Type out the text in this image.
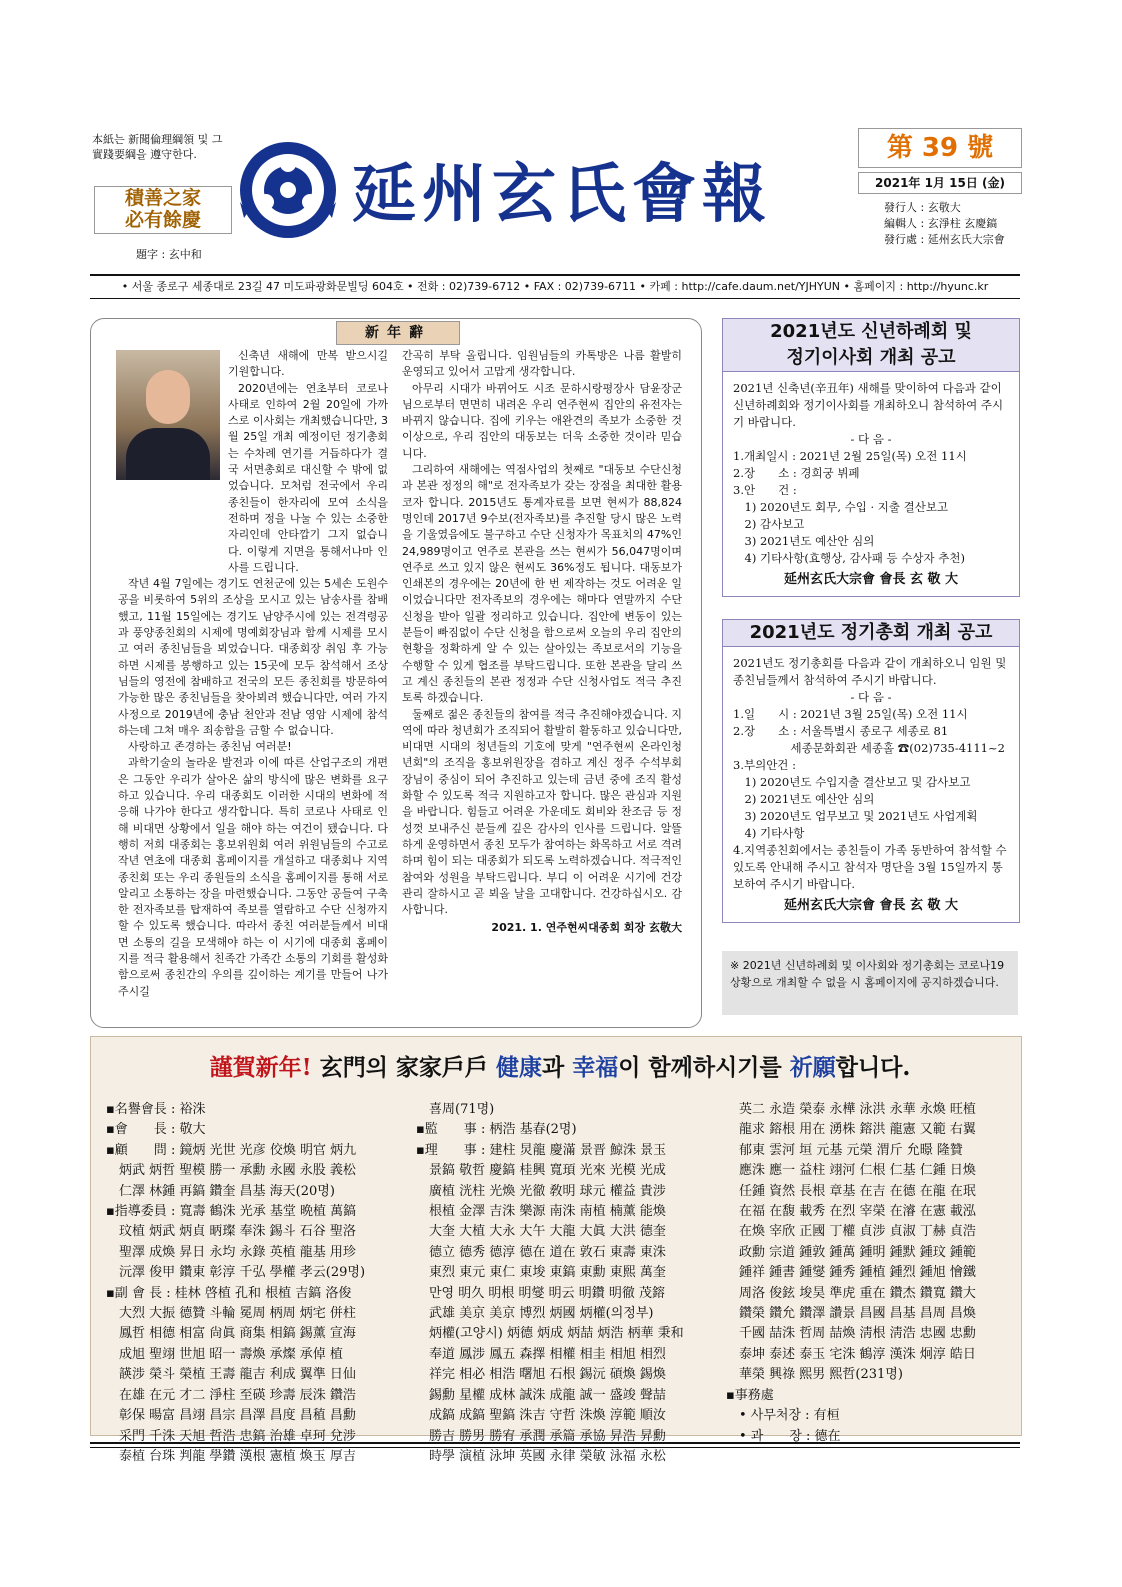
本紙는 新聞倫理綱領 및 그 實踐要綱을 遵守한다.
積善之家
必有餘慶
題字 : 玄中和
延州玄氏會報
第 39 號
2021年 1月 15日 (金)
發行人 : 玄敬大
編輯人 : 玄淨柱 玄慶鎬
發行處 : 延州玄氏大宗會
• 서울 종로구 세종대로 23길 47 미도파광화문빌딩 604호 • 전화 : 02)739-6712 • FAX : 02)739-6711 • 카페 : http://cafe.daum.net/YJHYUN • 홈페이지 : http://hyunc.kr
新年辭

신축년 새해에 만복 받으시길 기원합니다.

2020년에는 연초부터 코로나 사태로 인하여 2월 20일에 가까스로 이사회는 개최했습니다만, 3월 25일 개최 예정이던 정기총회는 수차례 연기를 거듭하다가 결국 서면총회로 대신할 수 밖에 없었습니다. 모처럼 전국에서 우리 종친들이 한자리에 모여 소식을 전하며 정을 나눌 수 있는 소중한 자리인데 안타깝기 그지 없습니다. 이렇게 지면을 통해서나마 인사를 드립니다.

작년 4월 7일에는 경기도 연천군에 있는 5세손 도원수공을 비롯하여 5위의 조상을 모시고 있는 남송사를 참배했고, 11월 15일에는 경기도 남양주시에 있는 전격령공과 풍양종친회의 시제에 명예회장님과 함께 시제를 모시고 여러 종친님들을 뵈었습니다. 대종회장 취임 후 가능하면 시제를 봉행하고 있는 15곳에 모두 참석해서 조상님들의 영전에 참배하고 전국의 모든 종친회를 방문하여 가능한 많은 종친님들을 찾아뵈려 했습니다만, 여러 가지 사정으로 2019년에 충남 천안과 전남 영암 시제에 참석하는데 그쳐 매우 죄송함을 금할 수 없습니다.

사랑하고 존경하는 종친님 여러분!

과학기술의 놀라운 발전과 이에 따른 산업구조의 개편은 그동안 우리가 살아온 삶의 방식에 많은 변화를 요구하고 있습니다. 우리 대종회도 이러한 시대의 변화에 적응해 나가야 한다고 생각합니다. 특히 코로나 사태로 인해 비대면 상황에서 일을 해야 하는 여건이 됐습니다. 다행히 저희 대종회는 홍보위원회 여러 위원님들의 수고로 작년 연초에 대종회 홈페이지를 개설하고 대종회나 지역종친회 또는 우리 종원들의 소식을 홈페이지를 통해 서로 알리고 소통하는 장을 마련했습니다. 그동안 공들여 구축한 전자족보를 탑재하여 족보를 열람하고 수단 신청까지 할 수 있도록 했습니다. 따라서 종친 여러분들께서 비대면 소통의 길을 모색해야 하는 이 시기에 대종회 홈페이지를 적극 활용해서 친족간 가족간 소통의 기회를 활성화함으로써 종친간의 우의를 깊이하는 계기를 만들어 나가 주시길

간곡히 부탁 올립니다. 임원님들의 카톡방은 나름 활발히 운영되고 있어서 고맙게 생각합니다.

아무리 시대가 바뀌어도 시조 문하시랑평장사 담윤장군님으로부터 면면히 내려온 우리 연주현씨 집안의 유전자는 바뀌지 않습니다. 집에 키우는 애완견의 족보가 소중한 것 이상으로, 우리 집안의 대동보는 더욱 소중한 것이라 믿습니다.

그리하여 새해에는 역점사업의 첫째로 "대동보 수단신청과 본관 정정의 해"로 전자족보가 갖는 장점을 최대한 활용코자 합니다. 2015년도 통계자료를 보면 현씨가 88,824명인데 2017년 9수보(전자족보)를 추진할 당시 많은 노력을 기울였음에도 불구하고 수단 신청자가 목표치의 47%인 24,989명이고 연주로 본관을 쓰는 현씨가 56,047명이며 연주로 쓰고 있지 않은 현씨도 36%정도 됩니다. 대동보가 인쇄본의 경우에는 20년에 한 번 제작하는 것도 어려운 일이었습니다만 전자족보의 경우에는 해마다 연말까지 수단 신청을 받아 일괄 정리하고 있습니다. 집안에 변동이 있는 분들이 빠짐없이 수단 신청을 함으로써 오늘의 우리 집안의 현황을 정확하게 알 수 있는 살아있는 족보로서의 기능을 수행할 수 있게 협조를 부탁드립니다. 또한 본관을 달리 쓰고 계신 종친들의 본관 정정과 수단 신청사업도 적극 추진토록 하겠습니다.

둘째로 젊은 종친들의 참여를 적극 추진해야겠습니다. 지역에 따라 청년회가 조직되어 활발히 활동하고 있습니다만, 비대면 시대의 청년들의 기호에 맞게 "연주현씨 온라인청년회"의 조직을 홍보위원장을 겸하고 계신 정주 수석부회장님이 중심이 되어 추진하고 있는데 금년 중에 조직 활성화할 수 있도록 적극 지원하고자 합니다. 많은 관심과 지원을 바랍니다. 힘들고 어려운 가운데도 회비와 찬조금 등 정성껏 보내주신 분들께 깊은 감사의 인사를 드립니다. 알뜰하게 운영하면서 종친 모두가 참여하는 화목하고 서로 격려하며 힘이 되는 대종회가 되도록 노력하겠습니다. 적극적인 참여와 성원을 부탁드립니다. 부디 이 어려운 시기에 건강관리 잘하시고 곧 뵈올 날을 고대합니다. 건강하십시오. 감사합니다.

2021. 1. 연주현씨대종회 회장 玄敬大

2021년도 신년하례회 및
정기이사회 개최 공고
2021년 신축년(辛丑年) 새해를 맞이하여 다음과 같이 신년하례회와 정기이사회를 개최하오니 참석하여 주시기 바랍니다.
- 다 음 -
1.개최일시 : 2021년 2월 25일(목) 오전 11시
2.장　　소 : 경희궁 뷔페
3.안　　건 :
　1) 2020년도 회무, 수입 · 지출 결산보고
　2) 감사보고
　3) 2021년도 예산안 심의
　4) 기타사항(효행상, 감사패 등 수상자 추천)
延州玄氏大宗會 會長 玄 敬 大
2021년도 정기총회 개최 공고
2021년도 정기총회를 다음과 같이 개최하오니 임원 및 종친님들께서 참석하여 주시기 바랍니다.
- 다 음 -
1.일　　시 : 2021년 3월 25일(목) 오전 11시
2.장　　소 : 서울특별시 종로구 세종로 81
　　　　　세종문화회관 세종홀 ☎(02)735-4111~2
3.부의안건 :
　1) 2020년도 수입지출 결산보고 및 감사보고
　2) 2021년도 예산안 심의
　3) 2020년도 업무보고 및 2021년도 사업계획
　4) 기타사항
4.지역종친회에서는 종친들이 가족 동반하여 참석할 수 있도록 안내해 주시고 참석자 명단을 3월 15일까지 통보하여 주시기 바랍니다.
延州玄氏大宗會 會長 玄 敬 大
※ 2021년 신년하례회 및 이사회와 정기총회는 코로나19 상황으로 개최할 수 없을 시 홈페이지에 공지하겠습니다.
謹賀新年! 玄門의 家家戶戶 健康과 幸福이 함께하시기를 祈願합니다.
▪名譽會長 : 裕洙
▪會　　長 : 敬大
▪顧　　問 : 鏡炳 光世 光彦 佼煥 明官 炳九
　炳武 炳哲 聖模 勝一 承勳 永國 永股 義松
　仁澤 林鍾 再鎬 鑽奎 昌基 海天(20명)
▪指導委員 : 寬壽 鶴洙 光承 基堂 晩植 萬鎬
　玟植 炳武 炳貞 昞璨 奉洙 錫斗 石谷 聖洛
　聖澤 成煥 昇日 永均 永錄 英植 龍基 用珍
　沅澤 俊甲 鑽東 彰淳 千弘 學權 孝云(29명)
▪副 會 長 : 桂林 啓植 孔和 根植 吉鎬 洛俊
　大烈 大振 德贊 斗輪 冕周 柄周 炳宅 併柱
　鳳哲 相德 相富 尙眞 商集 相鎬 錫薰 宣海
　成旭 聖翊 世旭 昭一 壽煥 承燦 承倬 植
　韺涉 榮斗 榮植 王壽 龍吉 利成 翼準 日仙
　在雄 在元 才二 淨柱 至碤 珍壽 辰洙 鑽浩
　彰保 暘富 昌翊 昌宗 昌澤 昌度 昌稙 昌勳
　采門 千洙 天旭 哲浩 忠鎬 治雄 卓珂 兌涉
　泰植 台珠 判龍 學鑽 漢根 憲植 煥玉 厚吉
　喜周(71명)
▪監　　事 : 柄浩 基春(2명)
▪理　　事 : 建柱 炅龍 慶滿 景晋 鯨洙 景玉
　景鎬 敬哲 慶鎬 桂興 寬頊 光來 光模 光成
　廣植 洸柱 光煥 光徹 敎明 球元 權益 貴涉
　根植 金澤 吉洙 樂源 南洙 南植 楠薰 能煥
　大奎 大植 大永 大午 大龍 大眞 大洪 德奎
　德立 德秀 德淳 德在 道在 敦石 東壽 東洙
　東烈 東元 東仁 東埈 東鎬 東勳 東熙 萬奎
　만영 明久 明根 明燮 明云 明鑽 明徹 茂鎔
　武雄 美京 美京 博烈 炳國 炳權(의정부)
　炳權(고양시) 炳德 炳成 炳喆 炳浩 柄華 秉和
　奉道 鳳涉 鳳五 森擇 相權 相圭 相旭 相烈
　祥完 相必 相浩 曙旭 石根 錫沅 碩煥 錫煥
　錫勳 星權 成林 誠洙 成龍 誠一 盛竣 聲喆
　成鎬 成鎬 聖鎬 洙吉 守哲 洙煥 淳範 順汝
　勝吉 勝男 勝宥 承潤 承篇 承協 昇浩 昇勳
　時學 演植 泳坤 英國 永律 榮敏 泳福 永松
　英二 永造 榮泰 永樺 泳洪 永華 永煥 旺植
　龍求 鎔根 用在 湧株 鎔洪 龍憲 又範 右翼
　郁東 雲河 垣 元基 元榮 渭斤 允暻 隆贊
　應洙 應一 益柱 翊河 仁根 仁基 仁鍾 日煥
　任鍾 資然 長根 章基 在吉 在德 在龍 在珉
　在福 在馥 載秀 在烈 宰榮 在濬 在憲 載泓
　在煥 宰欣 正國 丁權 貞涉 貞淑 丁赫 貞浩
　政勳 宗道 鍾敦 鍾萬 鍾明 鍾默 鍾玟 鍾範
　鍾祥 鍾書 鍾燮 鍾秀 鍾植 鍾烈 鍾旭 懀鐵
　周洛 俊鉉 埈昊 準虎 重在 鑽杰 鑽寬 鑽大
　鑽榮 鑽允 鑽澤 讚景 昌國 昌基 昌周 昌煥
　千國 喆洙 哲周 喆煥 淸根 淸浩 忠國 忠勳
　泰坤 泰述 泰玉 宅洙 鶴淳 漢洙 炯淳 皓日
　華榮 興祿 熙男 熙哲(231명)
▪事務處
　• 사무처장 : 有桓
　• 과　　장 : 德在
